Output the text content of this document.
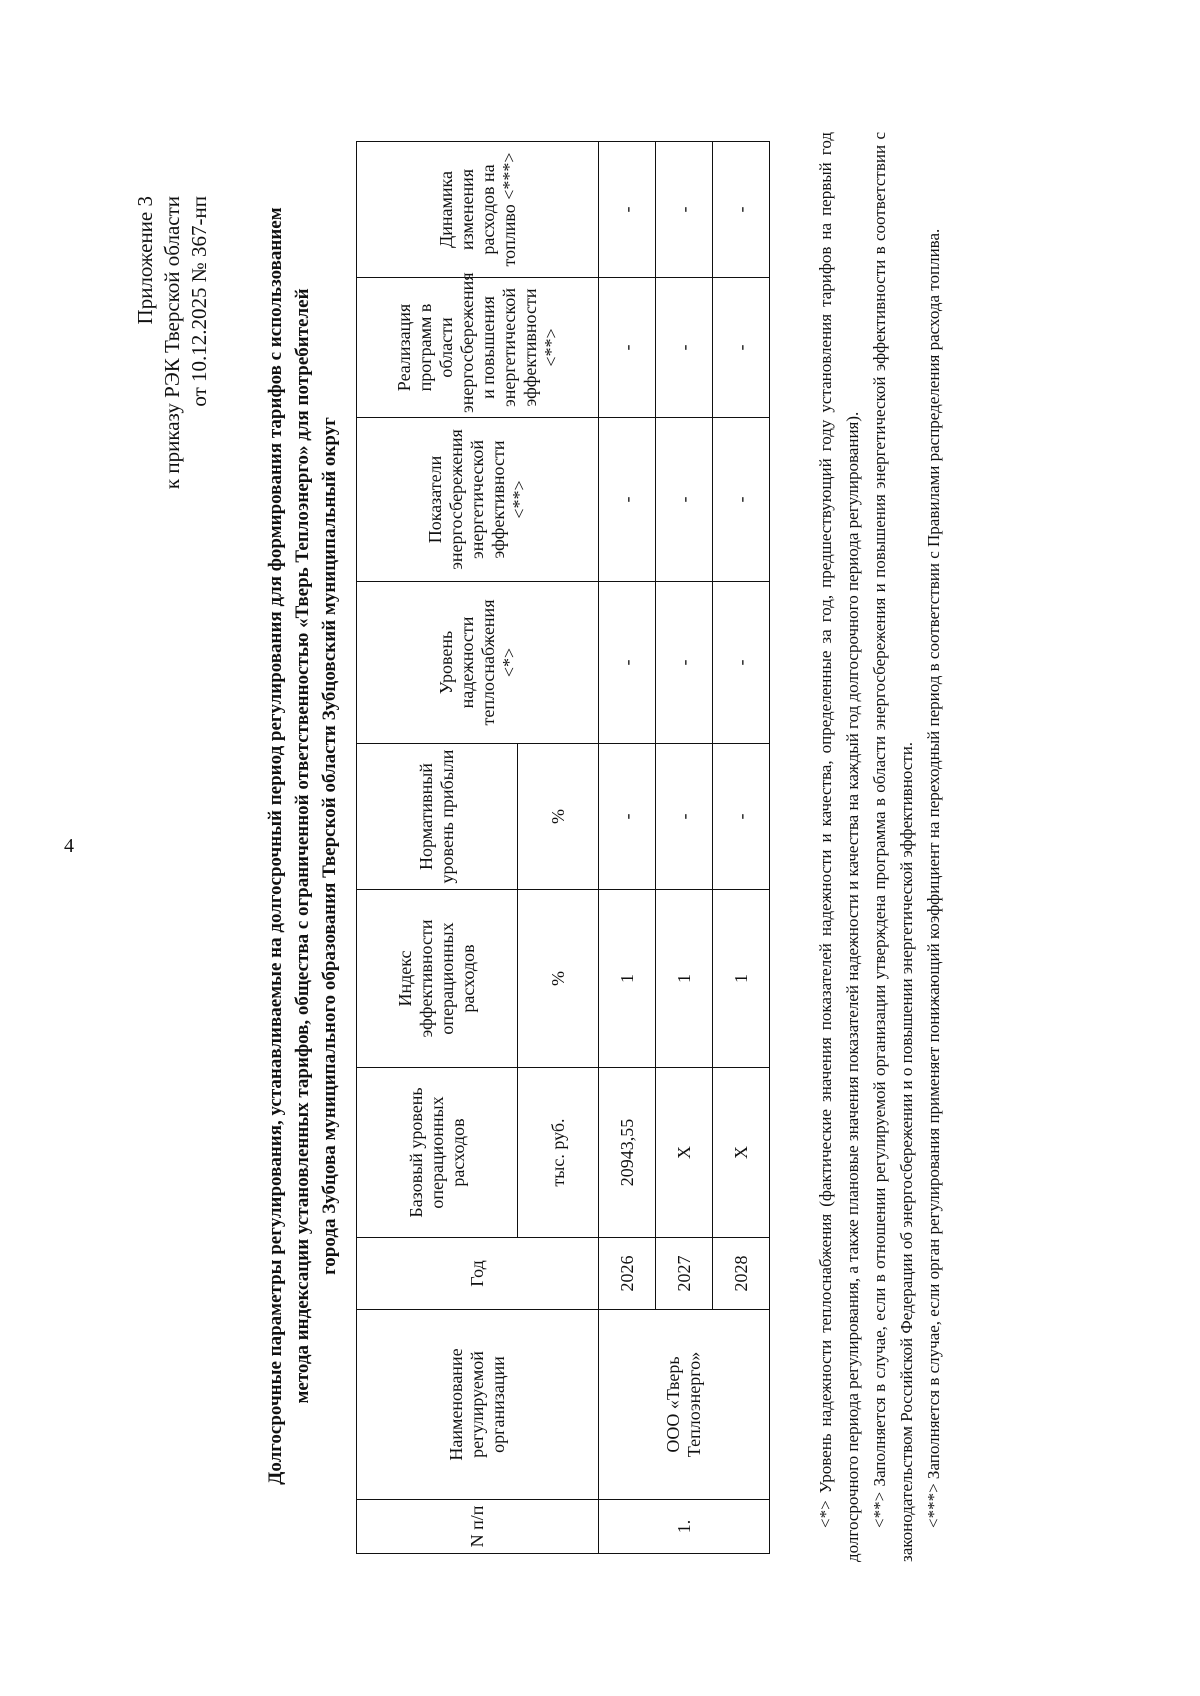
4
Приложение 3 к приказу РЭК Тверской области от 10.12.2025 № 367-нп	Долгосрочные параметры регулирования, устанавливаемые на долгосрочный период регулирования для формирования тарифов с использованием метода индексации установленных тарифов, общества с ограниченной ответственностью «Тверь Теплоэнерго» для потребителей города Зубцова муниципального образования Тверской области Зубцовский муниципальный округ
N п/п	Наименование регулируемой организации	Год	Базовый уровень операционных расходов	Индекс эффективности операционных расходов	Нормативный уровень прибыли	Уровень надежности теплоснабжения <*>	Показатели энергосбережения энергетической эффективности <**>	Реализация программ в области энергосбережения и повышения энергетической эффективности <**>	Динамика изменения расходов на топливо <***>
			тыс. руб.	%	%				
1.	ООО «Тверь Теплоэнерго»	2026	20943,55	1	-	-	-	-	-
		2027	Х	1	-	-	-	-	-
		2028	Х	1	-	-	-	-	-	<*> Уровень надежности теплоснабжения (фактические значения показателей надежности и качества, определенные за год, предшествующий году установления тарифов на первый год долгосрочного периода регулирования, а также плановые значения показателей надежности и качества на каждый год долгосрочного периода регулирования). <**> Заполняется в случае, если в отношении регулируемой организации утверждена программа в области энергосбережения и повышения энергетической эффективности в соответствии с законодательством Российской Федерации об энергосбережении и о повышении энергетической эффективности. <***> Заполняется в случае, если орган регулирования применяет понижающий коэффициент на переходный период в соответствии с Правилами распределения расхода топлива.
